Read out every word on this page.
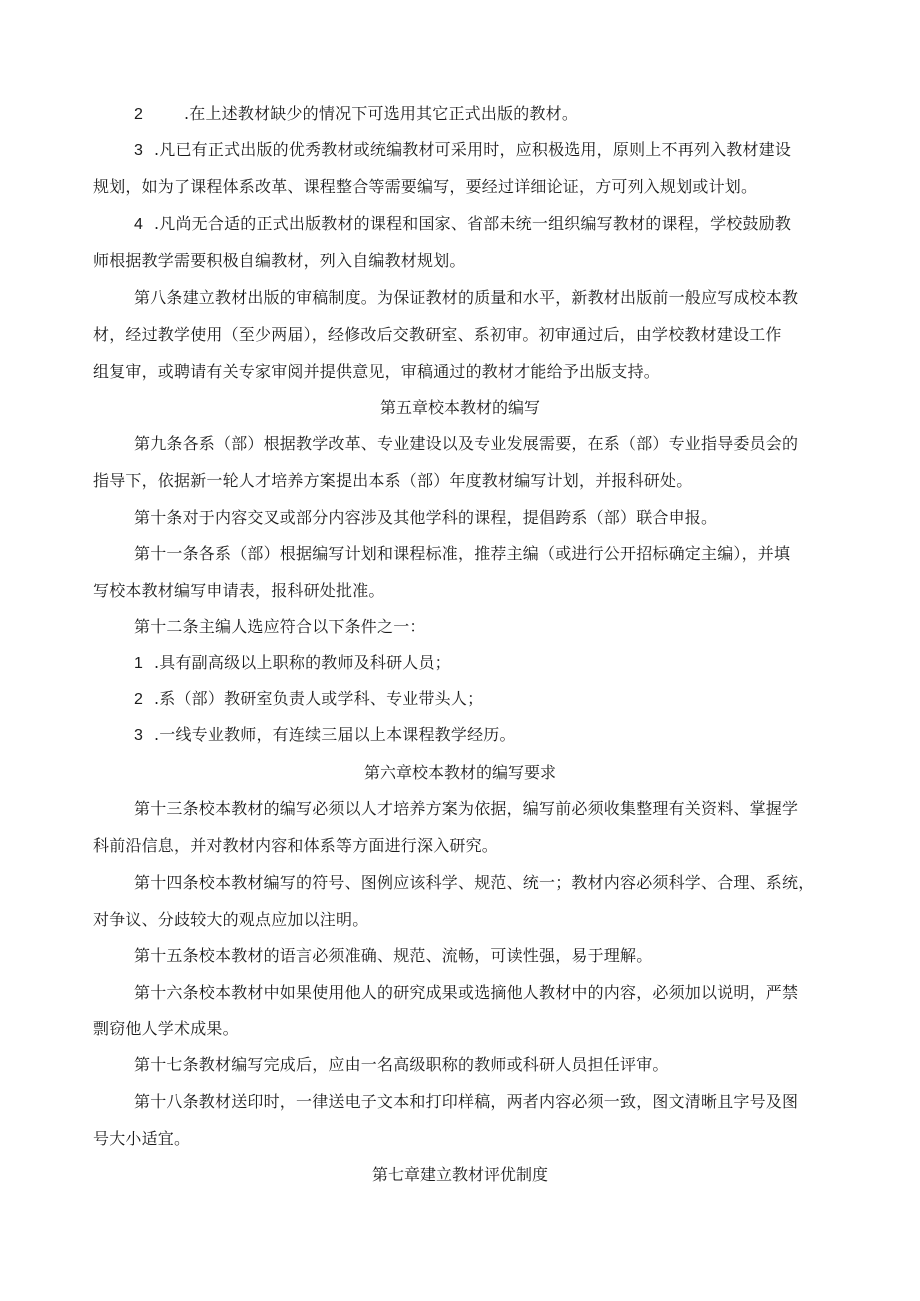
2	.在上述教材缺少的情况下可选用其它正式出版的教材。
3 .凡已有正式出版的优秀教材或统编教材可采用时，应积极选用，原则上不再列入教材建设
规划，如为了课程体系改革、课程整合等需要编写，要经过详细论证，方可列入规划或计划。
4 .凡尚无合适的正式出版教材的课程和国家、省部未统一组织编写教材的课程，学校鼓励教
师根据教学需要积极自编教材，列入自编教材规划。
第八条建立教材出版的审稿制度。为保证教材的质量和水平，新教材出版前一般应写成校本教
材，经过教学使用（至少两届），经修改后交教研室、系初审。初审通过后，由学校教材建设工作
组复审，或聘请有关专家审阅并提供意见，审稿通过的教材才能给予出版支持。
第五章校本教材的编写
第九条各系（部）根据教学改革、专业建设以及专业发展需要，在系（部）专业指导委员会的
指导下，依据新一轮人才培养方案提出本系（部）年度教材编写计划，并报科研处。
第十条对于内容交叉或部分内容涉及其他学科的课程，提倡跨系（部）联合申报。
第十一条各系（部）根据编写计划和课程标准，推荐主编（或进行公开招标确定主编），并填
写校本教材编写申请表，报科研处批准。
第十二条主编人选应符合以下条件之一：
1 .具有副高级以上职称的教师及科研人员；
2 .系（部）教研室负责人或学科、专业带头人；
3 .一线专业教师，有连续三届以上本课程教学经历。
第六章校本教材的编写要求
第十三条校本教材的编写必须以人才培养方案为依据，编写前必须收集整理有关资料、掌握学
科前沿信息，并对教材内容和体系等方面进行深入研究。
第十四条校本教材编写的符号、图例应该科学、规范、统一；教材内容必须科学、合理、系统，
对争议、分歧较大的观点应加以注明。
第十五条校本教材的语言必须准确、规范、流畅，可读性强，易于理解。
第十六条校本教材中如果使用他人的研究成果或选摘他人教材中的内容，必须加以说明，严禁
剽窃他人学术成果。
第十七条教材编写完成后，应由一名高级职称的教师或科研人员担任评审。
第十八条教材送印时，一律送电子文本和打印样稿，两者内容必须一致，图文清晰且字号及图
号大小适宜。
第七章建立教材评优制度
